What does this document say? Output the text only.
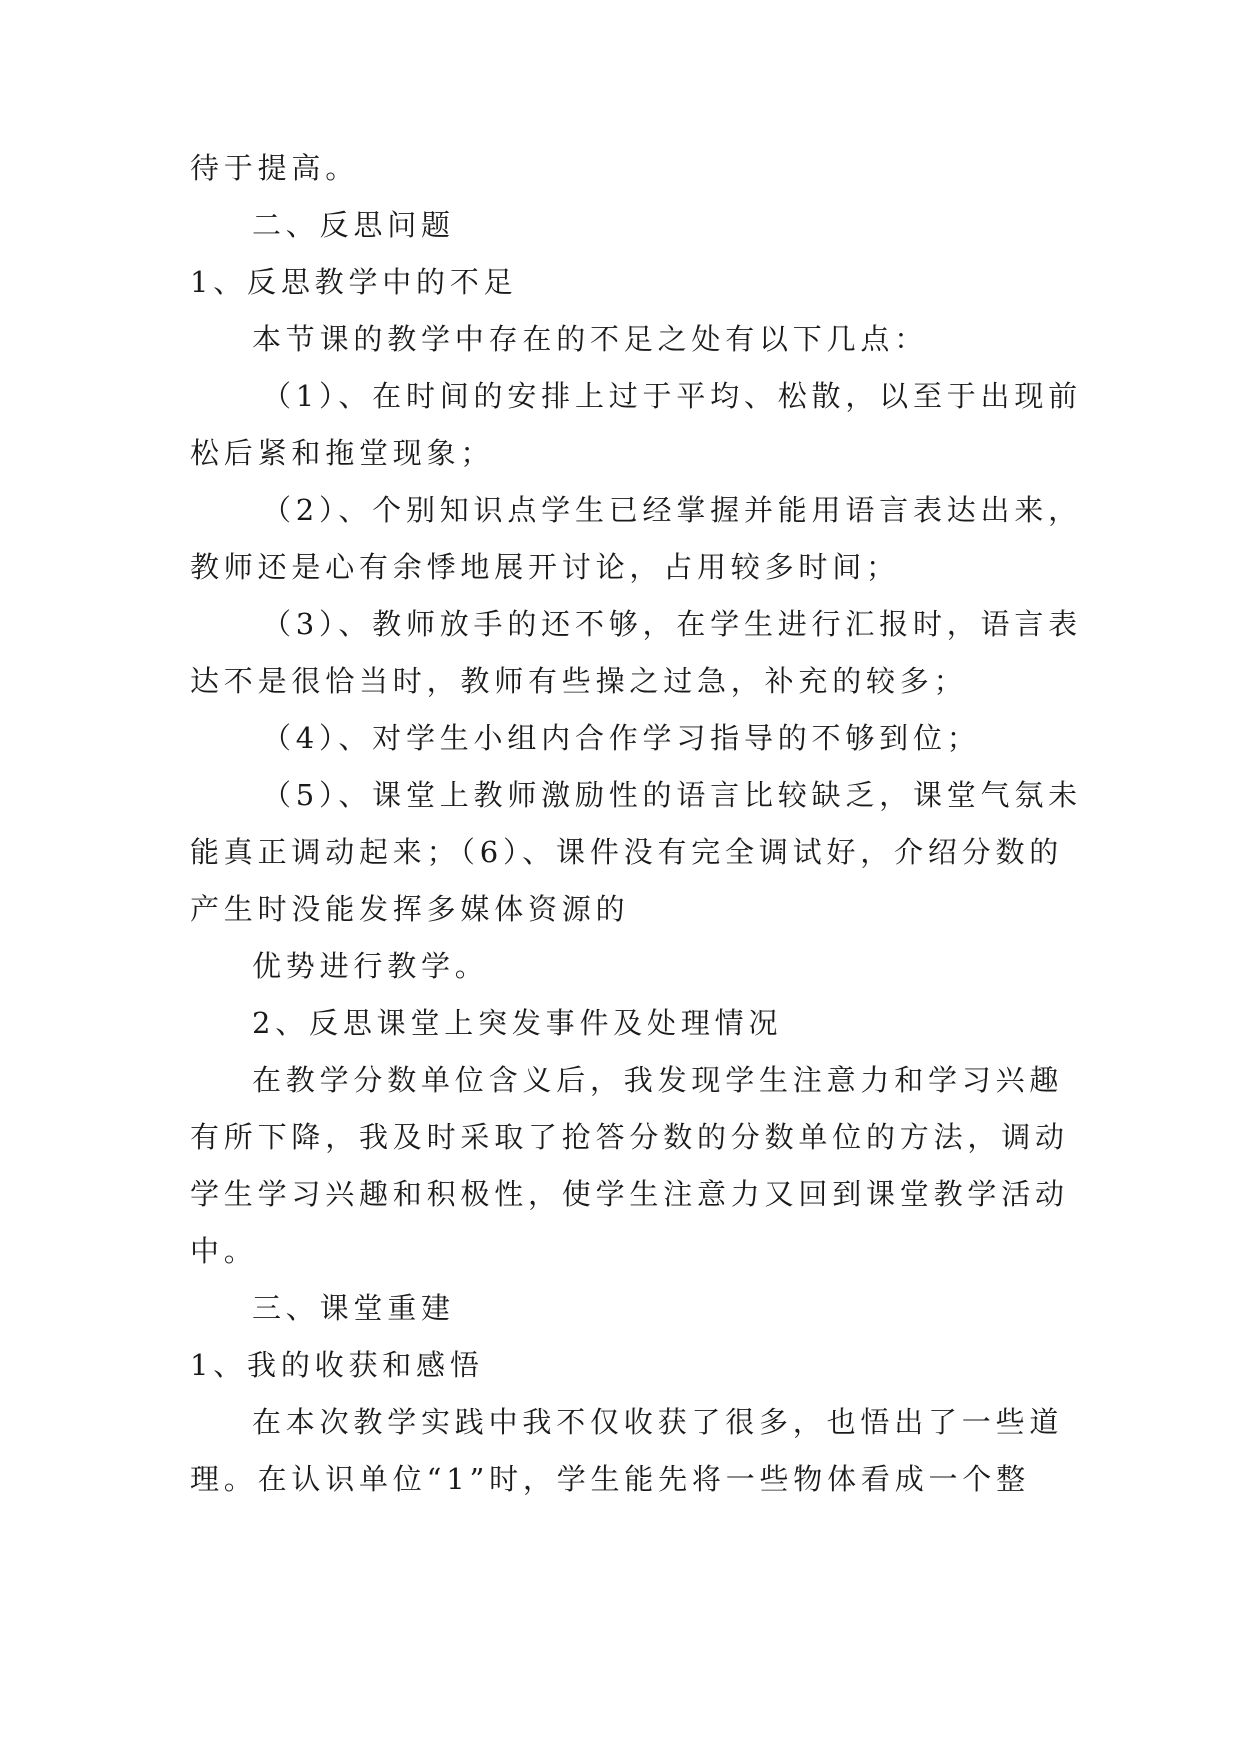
待于提高。
二、反思问题
1、反思教学中的不足
本节课的教学中存在的不足之处有以下几点：
（1）、在时间的安排上过于平均、松散，以至于出现前
松后紧和拖堂现象；
（2）、个别知识点学生已经掌握并能用语言表达出来，
教师还是心有余悸地展开讨论，占用较多时间；
（3）、教师放手的还不够，在学生进行汇报时，语言表
达不是很恰当时，教师有些操之过急，补充的较多；
（4）、对学生小组内合作学习指导的不够到位；
（5）、课堂上教师激励性的语言比较缺乏，课堂气氛未
能真正调动起来；（6）、课件没有完全调试好，介绍分数的
产生时没能发挥多媒体资源的
优势进行教学。
2、反思课堂上突发事件及处理情况
在教学分数单位含义后，我发现学生注意力和学习兴趣
有所下降，我及时采取了抢答分数的分数单位的方法，调动
学生学习兴趣和积极性，使学生注意力又回到课堂教学活动
中。
三、课堂重建
1、我的收获和感悟
在本次教学实践中我不仅收获了很多，也悟出了一些道
理。在认识单位“1”时，学生能先将一些物体看成一个整
